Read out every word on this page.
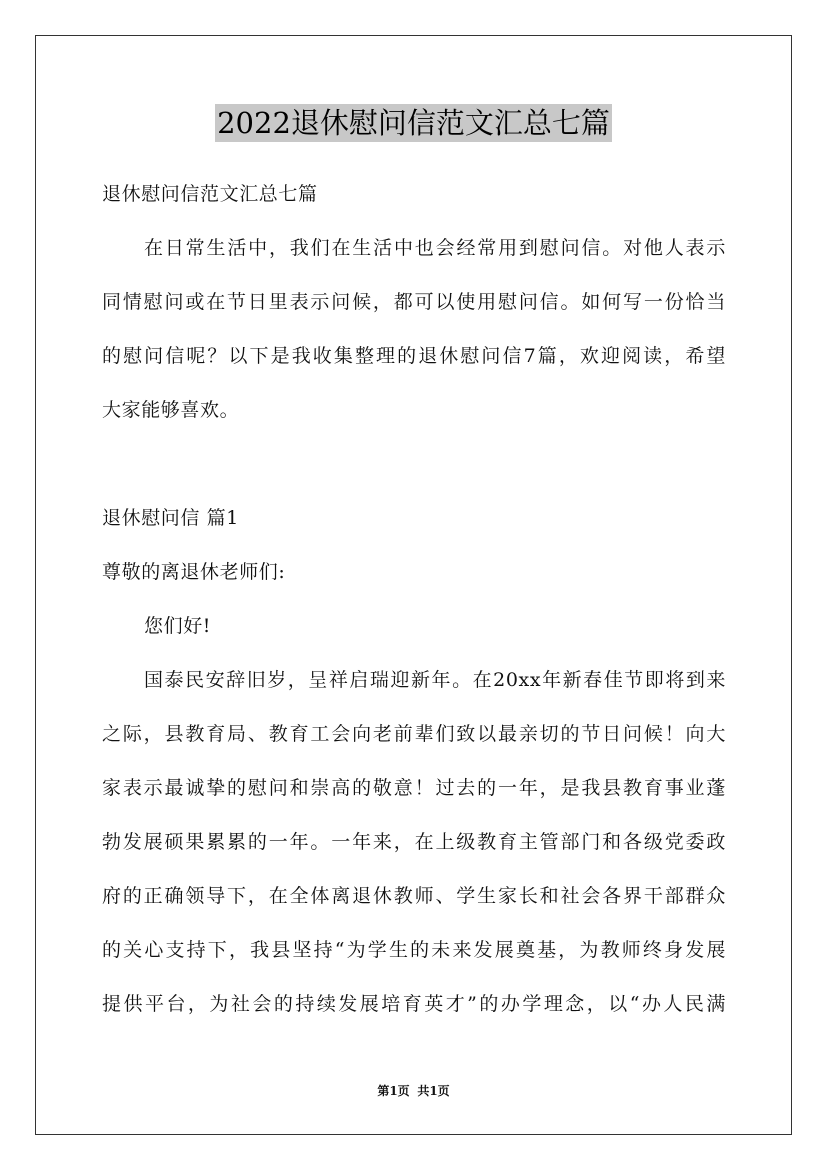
2022退休慰问信范文汇总七篇
退休慰问信范文汇总七篇
在日常生活中，我们在生活中也会经常用到慰问信。对他人表示
同情慰问或在节日里表示问候，都可以使用慰问信。如何写一份恰当
的慰问信呢？以下是我收集整理的退休慰问信7篇，欢迎阅读，希望
大家能够喜欢。
退休慰问信 篇1
尊敬的离退休老师们:
您们好!
国泰民安辞旧岁，呈祥启瑞迎新年。在20xx年新春佳节即将到来
之际，县教育局、教育工会向老前辈们致以最亲切的节日问候！向大
家表示最诚挚的慰问和崇高的敬意！过去的一年，是我县教育事业蓬
勃发展硕果累累的一年。一年来，在上级教育主管部门和各级党委政
府的正确领导下，在全体离退休教师、学生家长和社会各界干部群众
的关心支持下，我县坚持“为学生的未来发展奠基，为教师终身发展
提供平台，为社会的持续发展培育英才”的办学理念，以“办人民满
第1页 共1页
